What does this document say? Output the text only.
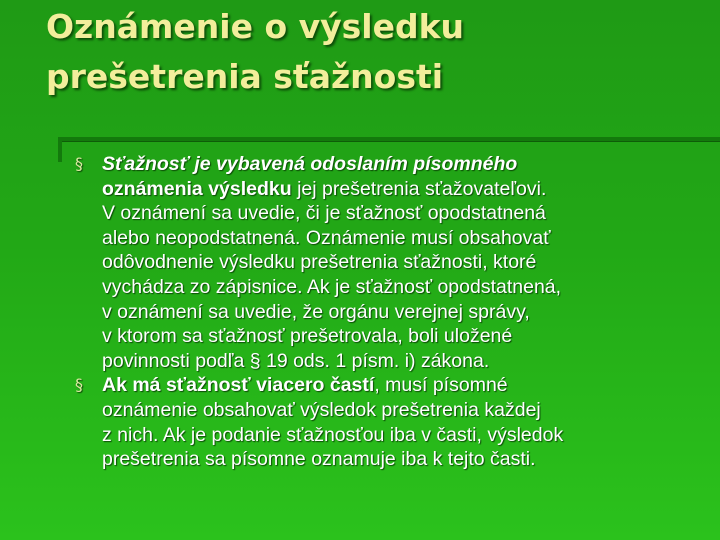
Oznámenie o výsledku
prešetrenia sťažnosti
§ Sťažnosť je vybavená odoslaním písomného
oznámenia výsledku jej prešetrenia sťažovateľovi.
V oznámení sa uvedie, či je sťažnosť opodstatnená
alebo neopodstatnená. Oznámenie musí obsahovať
odôvodnenie výsledku prešetrenia sťažnosti, ktoré
vychádza zo zápisnice. Ak je sťažnosť opodstatnená,
v oznámení sa uvedie, že orgánu verejnej správy,
v ktorom sa sťažnosť prešetrovala, boli uložené
povinnosti podľa § 19 ods. 1 písm. i) zákona.
§ Ak má sťažnosť viacero častí, musí písomné
oznámenie obsahovať výsledok prešetrenia každej
z nich. Ak je podanie sťažnosťou iba v časti, výsledok
prešetrenia sa písomne oznamuje iba k tejto časti.
